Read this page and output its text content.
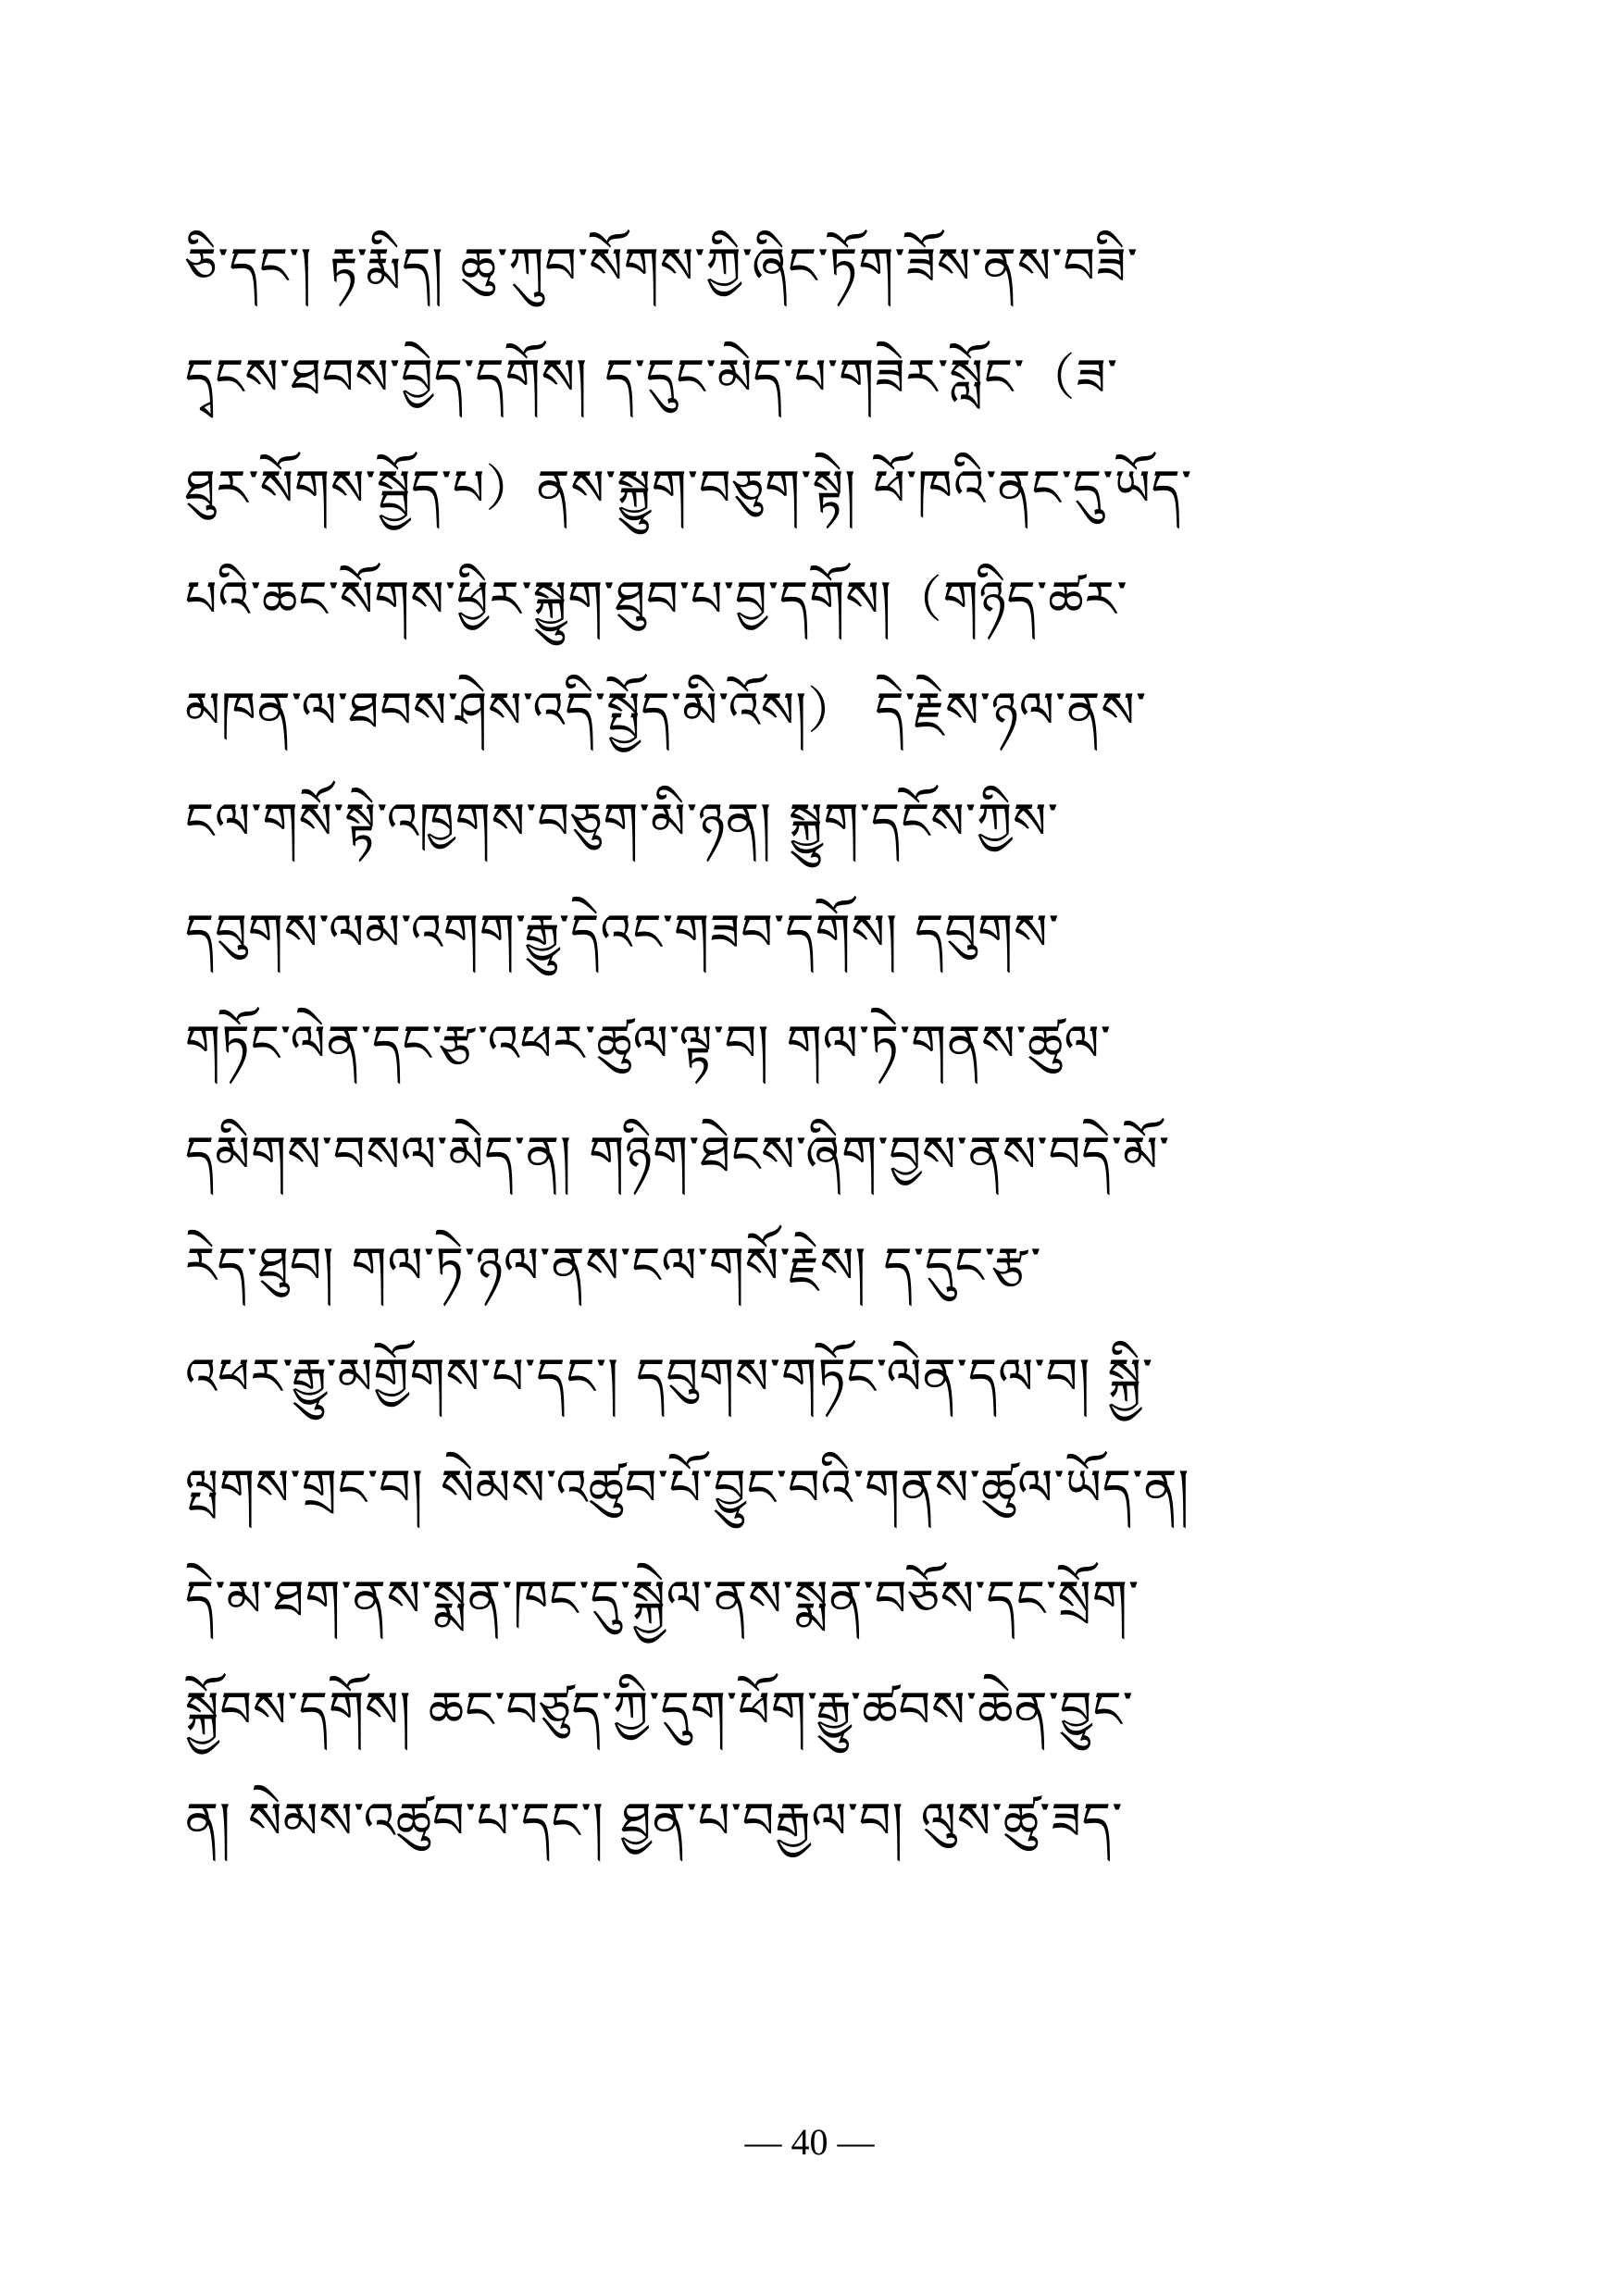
ཅི་དང་། རྟ་རྨིད། ཆུ་ཀུབ་སོགས་ཀྱི་ཞིང་ཏོག་ཟོས་ནས་བཟི་
དྭངས་ཐབས་བྱེད་དགོས། ད་དུང་མེད་པ་གཟེར་སློང་（ཟ་
ཐུར་སོགས་སྦྱོད་པ）ནས་སྐྱུག་བཅུག་སྟེ། ཕོ་ཁའི་ནང་དུ་ཡོད་
པའི་ཆང་སོགས་ཕྱིར་སྐྱུག་ཐུབ་པ་བྱ་དགོས།（གཉིད་ཚར་
མཁན་ལ་ཐབས་ཤེས་འདི་སྤྱོད་མི་འོས།） དེ་རྗེས་ཉལ་ནས་
ངལ་གསོ་སྟེ་འཁྱགས་བཅུག་མི་ཉན། སྐྱུག་དངོས་ཀྱིས་
དབུགས་ལམ་འགག་རྒྱུ་དེའང་གཟབ་དགོས། དབུགས་
གཏོང་ལེན་དང་རྩ་འཕར་ཚུལ་ལྟ་བ། གལ་ཏེ་གནས་ཚུལ་
དམིགས་བསལ་མེད་ན། གཉིག་ཐེངས་ཞིག་བྱས་ནས་བདེ་མོ་
རེད་ཐུབ། གལ་ཏེ་ཉལ་ནས་ངལ་གསོ་རྗེས། ད་དུང་རྩ་
འཕར་རྒྱུ་མགྱོགས་པ་དང་། དབུགས་གཏོང་ལེན་དལ་བ། སྐྱི་
ལྤགས་གྲང་བ། སེམས་འཚུབ་པོ་བྱུང་བའི་གནས་ཚུལ་ཡོད་ན།
དེ་མ་ཐག་ནས་སྨན་ཁང་དུ་སྐྱེལ་ནས་སྨན་བཅོས་དང་སྲོག་
སྐྱོབས་དགོས། ཆང་བཙུད་ཀྱི་དུག་ཕོག་རྒྱུ་ཚབས་ཆེན་བྱུང་
ན། སེམས་འཚུབ་པ་དང་། ཐྱན་པ་བརྒྱལ་བ། ལུས་ཚུ་ཟད་
— 40 —
